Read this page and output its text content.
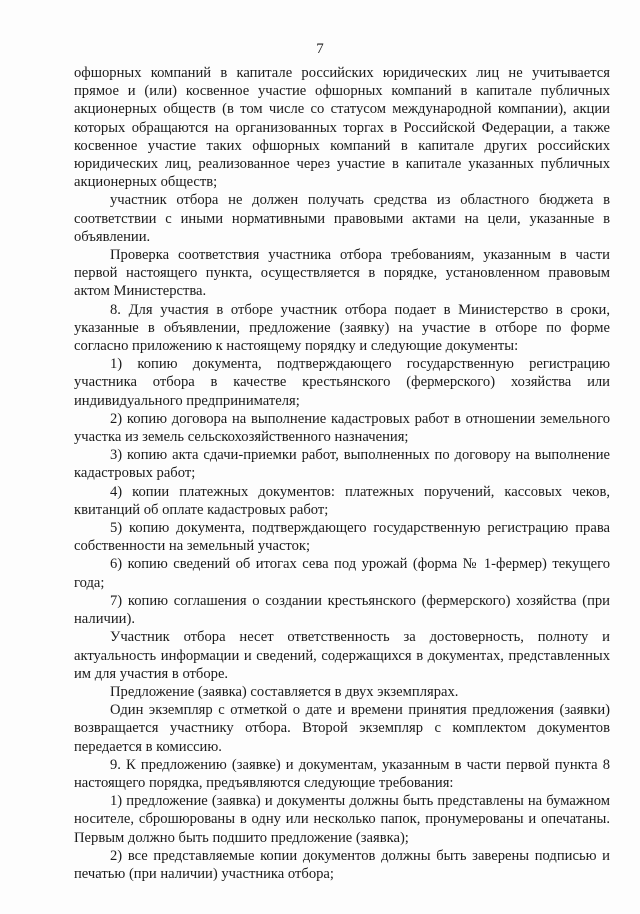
7

офшорных компаний в капитале российских юридических лиц не учитывается прямое и (или) косвенное участие офшорных компаний в капитале публичных акционерных обществ (в том числе со статусом международной компании), акции которых обращаются на организованных торгах в Российской Федерации, а также косвенное участие таких офшорных компаний в капитале других российских юридических лиц, реализованное через участие в капитале указанных публичных акционерных обществ;

участник отбора не должен получать средства из областного бюджета в соответствии с иными нормативными правовыми актами на цели, указанные в объявлении.

Проверка соответствия участника отбора требованиям, указанным в части первой настоящего пункта, осуществляется в порядке, установленном правовым актом Министерства.

8. Для участия в отборе участник отбора подает в Министерство в сроки, указанные в объявлении, предложение (заявку) на участие в отборе по форме согласно приложению к настоящему порядку и следующие документы:

1) копию документа, подтверждающего государственную регистрацию участника отбора в качестве крестьянского (фермерского) хозяйства или индивидуального предпринимателя;

2) копию договора на выполнение кадастровых работ в отношении земельного участка из земель сельскохозяйственного назначения;

3) копию акта сдачи-приемки работ, выполненных по договору на выполнение кадастровых работ;

4) копии платежных документов: платежных поручений, кассовых чеков, квитанций об оплате кадастровых работ;

5) копию документа, подтверждающего государственную регистрацию права собственности на земельный участок;

6) копию сведений об итогах сева под урожай (форма № 1-фермер) текущего года;

7) копию соглашения о создании крестьянского (фермерского) хозяйства (при наличии).

Участник отбора несет ответственность за достоверность, полноту и актуальность информации и сведений, содержащихся в документах, представленных им для участия в отборе.

Предложение (заявка) составляется в двух экземплярах.

Один экземпляр с отметкой о дате и времени принятия предложения (заявки) возвращается участнику отбора. Второй экземпляр с комплектом документов передается в комиссию.

9. К предложению (заявке) и документам, указанным в части первой пункта 8 настоящего порядка, предъявляются следующие требования:

1) предложение (заявка) и документы должны быть представлены на бумажном носителе, сброшюрованы в одну или несколько папок, пронумерованы и опечатаны. Первым должно быть подшито предложение (заявка);

2) все представляемые копии документов должны быть заверены подписью и печатью (при наличии) участника отбора;
